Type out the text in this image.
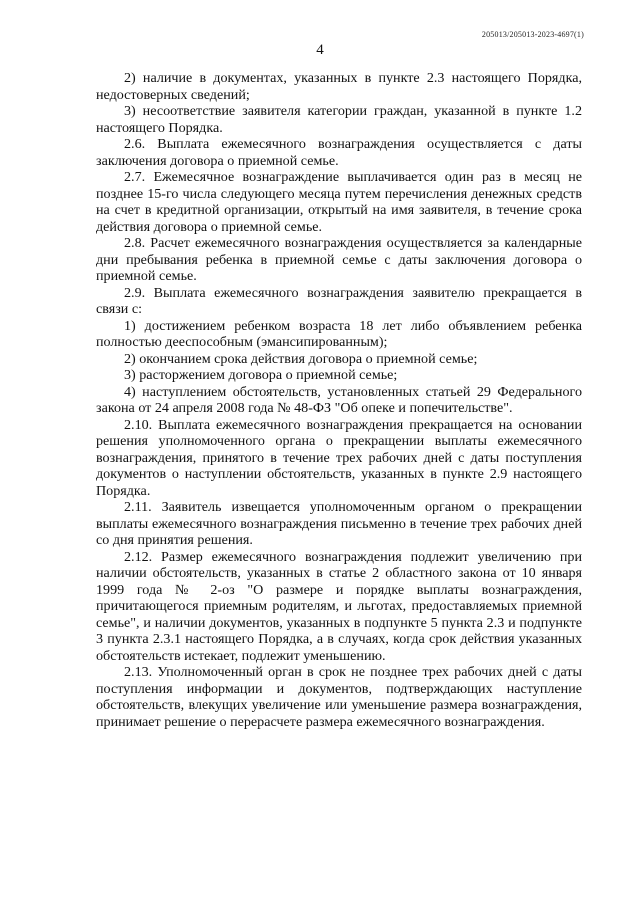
205013/205013-2023-4697(1)
4

2) наличие в документах, указанных в пункте 2.3 настоящего Порядка, недостоверных сведений;

3) несоответствие заявителя категории граждан, указанной в пункте 1.2 настоящего Порядка.

2.6. Выплата ежемесячного вознаграждения осуществляется с даты заключения договора о приемной семье.

2.7. Ежемесячное вознаграждение выплачивается один раз в месяц не позднее 15-го числа следующего месяца путем перечисления денежных средств на счет в кредитной организации, открытый на имя заявителя, в течение срока действия договора о приемной семье.

2.8. Расчет ежемесячного вознаграждения осуществляется за календарные дни пребывания ребенка в приемной семье с даты заключения договора о приемной семье.

2.9. Выплата ежемесячного вознаграждения заявителю прекращается в связи с:

1) достижением ребенком возраста 18 лет либо объявлением ребенка полностью дееспособным (эмансипированным);

2) окончанием срока действия договора о приемной семье;

3) расторжением договора о приемной семье;

4) наступлением обстоятельств, установленных статьей 29 Федерального закона от 24 апреля 2008 года № 48-ФЗ "Об опеке и попечительстве".

2.10. Выплата ежемесячного вознаграждения прекращается на основании решения уполномоченного органа о прекращении выплаты ежемесячного вознаграждения, принятого в течение трех рабочих дней с даты поступления документов о наступлении обстоятельств, указанных в пункте 2.9 настоящего Порядка.

2.11. Заявитель извещается уполномоченным органом о прекращении выплаты ежемесячного вознаграждения письменно в течение трех рабочих дней со дня принятия решения.

2.12. Размер ежемесячного вознаграждения подлежит увеличению при наличии обстоятельств, указанных в статье 2 областного закона от 10 января 1999 года № 2-оз "О размере и порядке выплаты вознаграждения, причитающегося приемным родителям, и льготах, предоставляемых приемной семье", и наличии документов, указанных в подпункте 5 пункта 2.3 и подпункте 3 пункта 2.3.1 настоящего Порядка, а в случаях, когда срок действия указанных обстоятельств истекает, подлежит уменьшению.

2.13. Уполномоченный орган в срок не позднее трех рабочих дней с даты поступления информации и документов, подтверждающих наступление обстоятельств, влекущих увеличение или уменьшение размера вознаграждения, принимает решение о перерасчете размера ежемесячного вознаграждения.
